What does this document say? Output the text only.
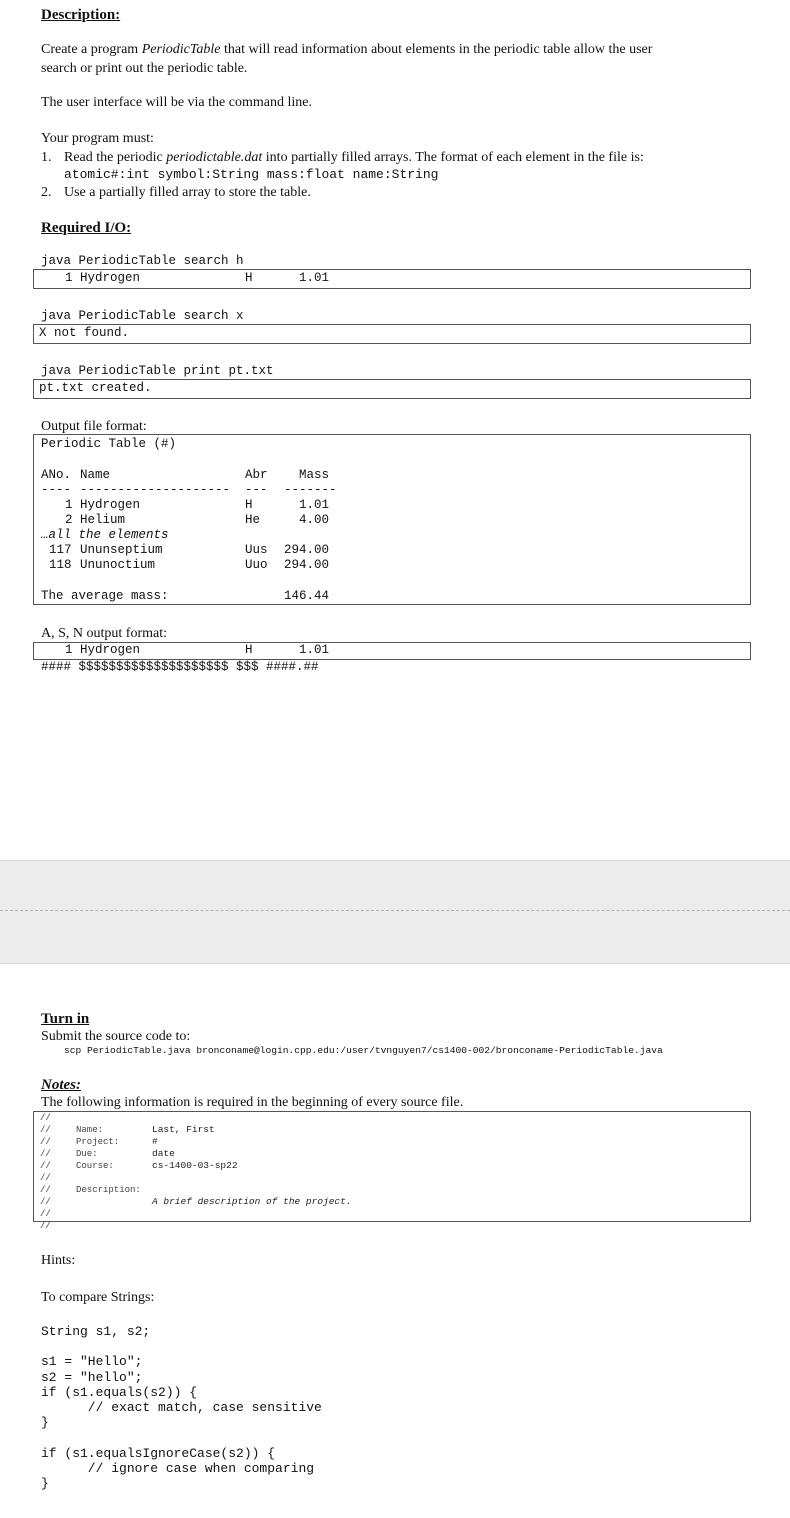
Description:
Create a program PeriodicTable that will read information about elements in the periodic table allow the user
search or print out the periodic table.
The user interface will be via the command line.
Your program must:
1. Read the periodic periodictable.dat into partially filled arrays. The format of each element in the file is:
atomic#:int symbol:String mass:float name:String
2. Use a partially filled array to store the table.
Required I/O:
java PeriodicTable search h
1 Hydrogen	H	1.01
java PeriodicTable search x
X not found.
java PeriodicTable print pt.txt
pt.txt created.
Output file format:
Periodic Table (#)
ANo. Name	Abr	Mass
---- -------------------- --- -------
1 Hydrogen	H	1.01
2 Helium	He	4.00
…all the elements
117 Ununseptium	Uus 294.00
118 Ununoctium	Uuo 294.00
The average mass:	146.44
A, S, N output format:
1 Hydrogen	H	1.01
#### $$$$$$$$$$$$$$$$$$$$ $$$ ####.##
Turn in
Submit the source code to:
scp PeriodicTable.java bronconame@login.cpp.edu:/user/tvnguyen7/cs1400-002/bronconame-PeriodicTable.java
Notes:
The following information is required in the beginning of every source file.
//
//
//
//
//
//
//
//
//
//
Name:	Last, First
Project:	#
Due:	date
Course:	cs-1400-03-sp22
Description:
A brief description of the project.
Hints:
To compare Strings:
String s1, s2;

s1 = "Hello";
s2 = "hello";
if (s1.equals(s2)) {
// exact match, case sensitive
}

if (s1.equalsIgnoreCase(s2)) {
// ignore case when comparing
}
